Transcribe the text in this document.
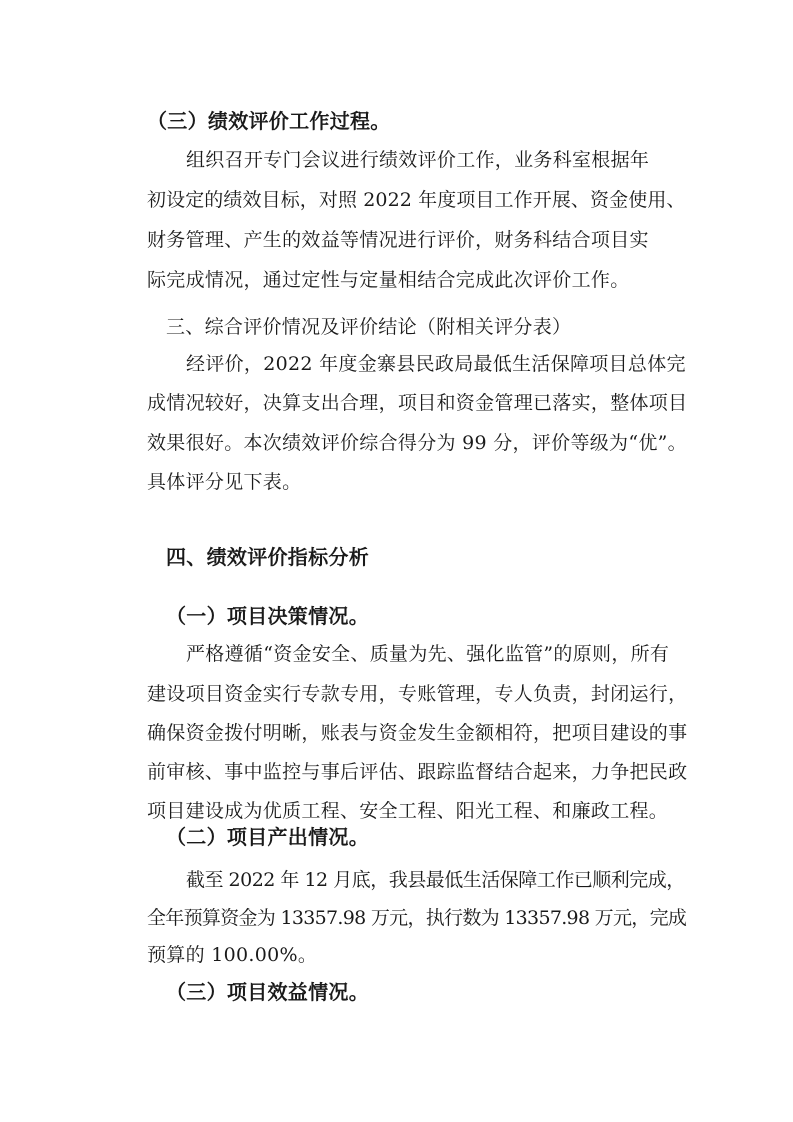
（三）绩效评价工作过程。
组织召开专门会议进行绩效评价工作，业务科室根据年
初设定的绩效目标，对照 2022 年度项目工作开展、资金使用、
财务管理、产生的效益等情况进行评价，财务科结合项目实
际完成情况，通过定性与定量相结合完成此次评价工作。
三、综合评价情况及评价结论（附相关评分表）
经评价，2022 年度金寨县民政局最低生活保障项目总体完
成情况较好，决算支出合理，项目和资金管理已落实，整体项目
效果很好。本次绩效评价综合得分为 99 分，评价等级为“优”。
具体评分见下表。
四、绩效评价指标分析
（一）项目决策情况。
严格遵循“资金安全、质量为先、强化监管”的原则，所有
建设项目资金实行专款专用，专账管理，专人负责，封闭运行，
确保资金拨付明晰，账表与资金发生金额相符，把项目建设的事
前审核、事中监控与事后评估、跟踪监督结合起来，力争把民政
项目建设成为优质工程、安全工程、阳光工程、和廉政工程。
（二）项目产出情况。
截至 2022 年 12 月底，我县最低生活保障工作已顺利完成，
全年预算资金为 13357.98 万元，执行数为 13357.98 万元，完成
预算的 100.00%。
（三）项目效益情况。
